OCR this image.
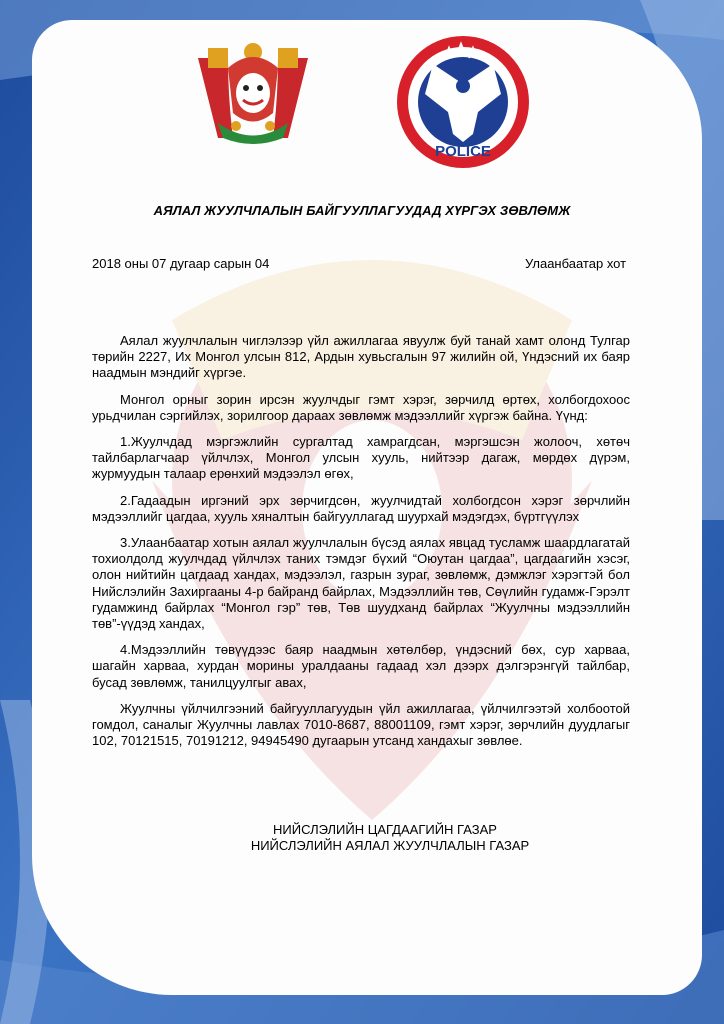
POLICE
АЯЛАЛ ЖУУЛЧЛАЛЫН БАЙГУУЛЛАГУУДАД ХҮРГЭХ ЗӨВЛӨМЖ
2018 оны 07 дугаар сарын 04	Улаанбаатар хот

Аялал жуулчлалын чиглэлээр үйл ажиллагаа явуулж буй танай хамт олонд Тулгар төрийн 2227, Их Монгол улсын 812, Ардын хувьсгалын 97 жилийн ой, Үндэсний их баяр наадмын мэндийг хүргэе.

Монгол орныг зорин ирсэн жуулчдыг гэмт хэрэг, зөрчилд өртөх, холбогдохоос урьдчилан сэргийлэх, зорилгоор дараах зөвлөмж мэдээллийг хүргэж байна. Үүнд:

1.Жуулчдад мэргэжлийн сургалтад хамрагдсан, мэргэшсэн жолооч, хөтөч тайлбарлагчаар үйлчлэх, Монгол улсын хууль, нийтээр дагаж, мөрдөх дүрэм, журмуудын талаар ерөнхий мэдээлэл өгөх,

2.Гадаадын иргэний эрх зөрчигдсөн, жуулчидтай холбогдсон хэрэг зөрчлийн мэдээллийг цагдаа, хууль хяналтын байгууллагад шуурхай мэдэгдэх, бүртгүүлэх

3.Улаанбаатар хотын аялал жуулчлалын бүсэд аялах явцад тусламж шаардлагатай тохиолдолд жуулчдад үйлчлэх таних тэмдэг бүхий “Оюутан цагдаа”, цагдаагийн хэсэг, олон нийтийн цагдаад хандах, мэдээлэл, газрын зураг, зөвлөмж, дэмжлэг хэрэгтэй бол Нийслэлийн Захиргааны 4-р байранд байрлах, Мэдээллийн төв, Сөүлийн гудамж-Гэрэлт гудамжинд байрлах “Монгол гэр” төв, Төв шуудханд байрлах “Жуулчны мэдээллийн төв”-үүдэд хандах,

4.Мэдээллийн төвүүдээс баяр наадмын хөтөлбөр, үндэсний бөх, сур харваа, шагайн харваа, хурдан морины уралдааны гадаад хэл дээрх дэлгэрэнгүй тайлбар, бусад зөвлөмж, танилцуулгыг авах,

Жуулчны үйлчилгээний байгууллагуудын үйл ажиллагаа, үйлчилгээтэй холбоотой гомдол, саналыг Жуулчны лавлах 7010-8687, 88001109, гэмт хэрэг, зөрчлийн дуудлагыг 102, 70121515, 70191212, 94945490 дугаарын утсанд хандахыг зөвлөе.

НИЙСЛЭЛИЙН ЦАГДААГИЙН ГАЗАР
НИЙСЛЭЛИЙН АЯЛАЛ ЖУУЛЧЛАЛЫН ГАЗАР
